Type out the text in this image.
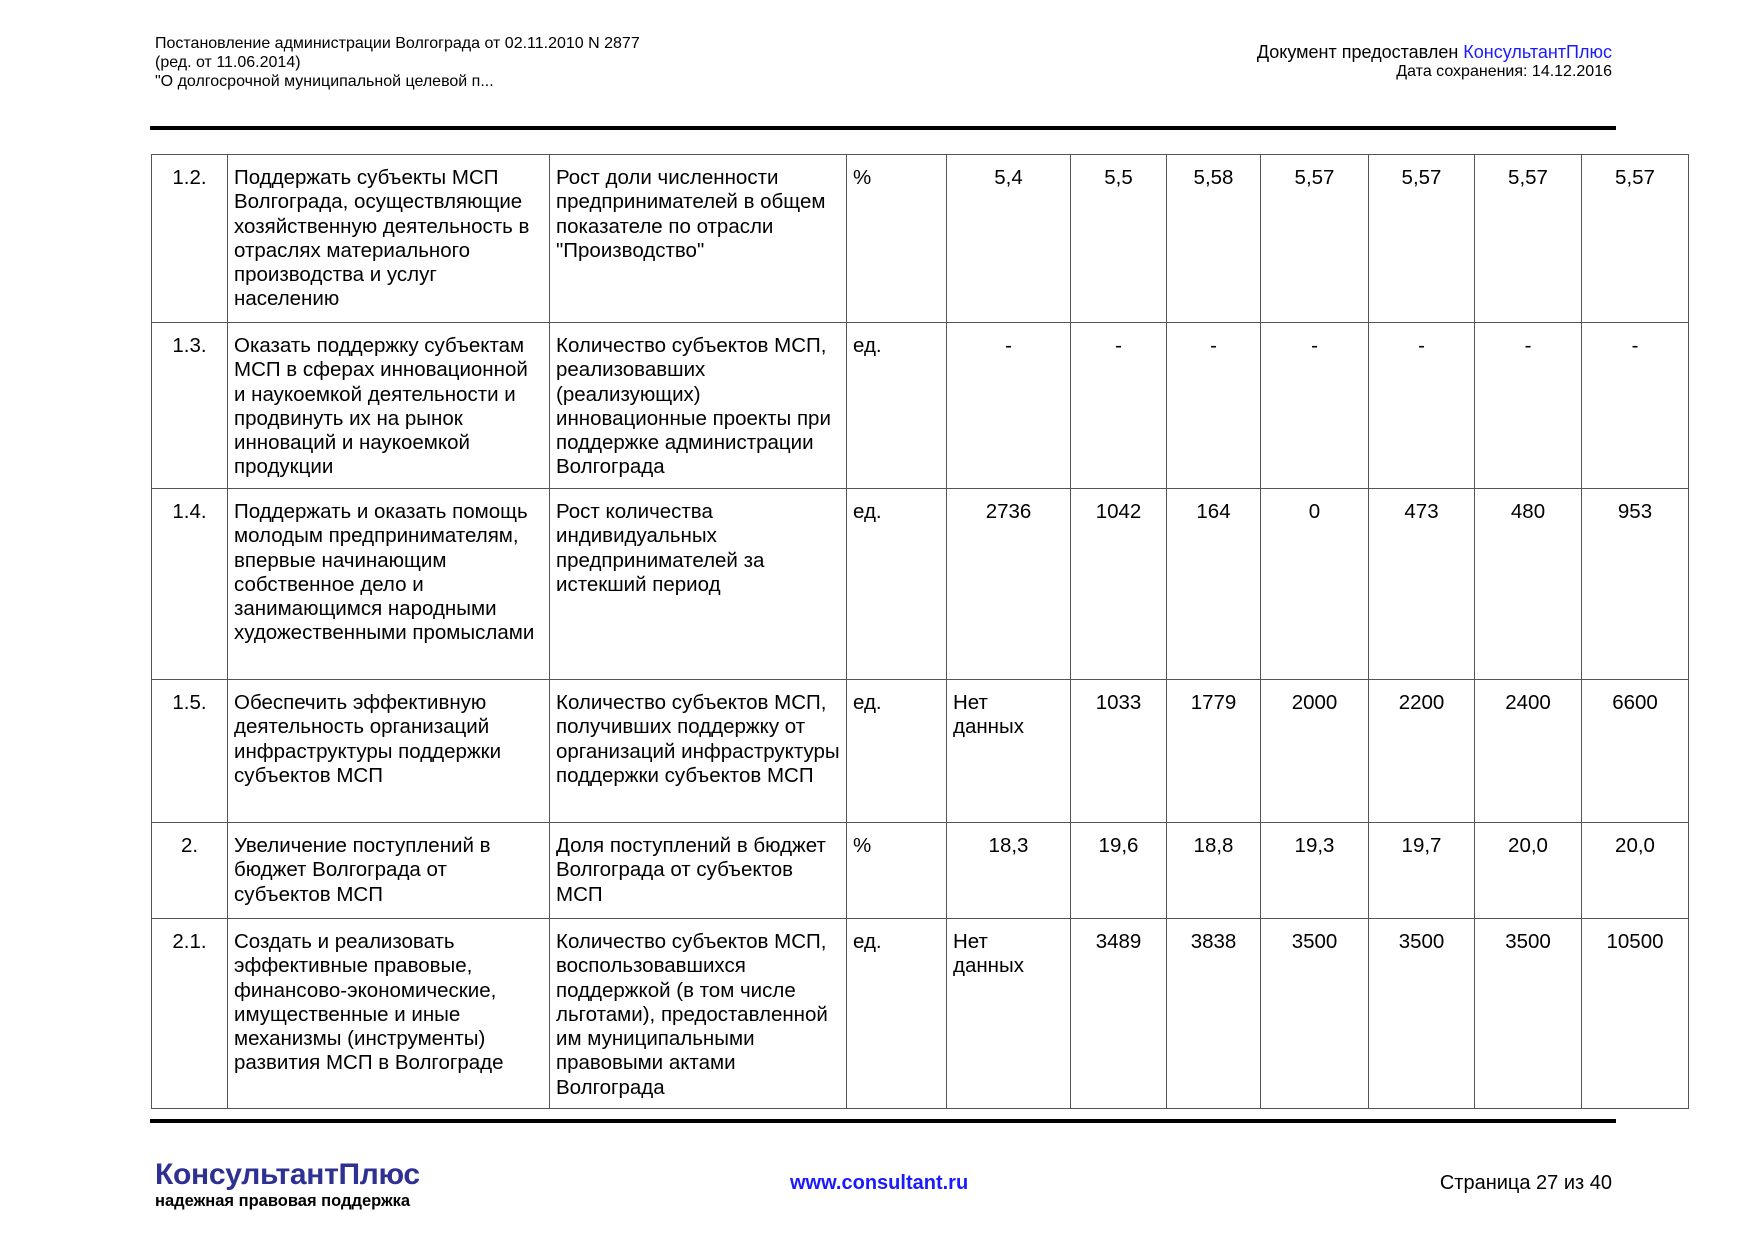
Постановление администрации Волгограда от 02.11.2010 N 2877
(ред. от 11.06.2014)
"О долгосрочной муниципальной целевой п...
Документ предоставлен КонсультантПлюс
Дата сохранения: 14.12.2016
1.2.	Поддержать субъекты МСП Волгограда, осуществляющие хозяйственную деятельность в отраслях материального производства и услуг населению	Рост доли численности предпринимателей в общем показателе по отрасли "Производство"	%	5,4	5,5	5,58	5,57	5,57	5,57	5,57
1.3.	Оказать поддержку субъектам МСП в сферах инновационной и наукоемкой деятельности и продвинуть их на рынок инноваций и наукоемкой продукции	Количество субъектов МСП, реализовавших (реализующих) инновационные проекты при поддержке администрации Волгограда	ед.	-	-	-	-	-	-	-
1.4.	Поддержать и оказать помощь молодым предпринимателям, впервые начинающим собственное дело и занимающимся народными художественными промыслами	Рост количества индивидуальных предпринимателей за истекший период	ед.	2736	1042	164	0	473	480	953
1.5.	Обеспечить эффективную деятельность организаций инфраструктуры поддержки субъектов МСП	Количество субъектов МСП, получивших поддержку от организаций инфраструктуры поддержки субъектов МСП	ед.	Нет данных	1033	1779	2000	2200	2400	6600
2.	Увеличение поступлений в бюджет Волгограда от субъектов МСП	Доля поступлений в бюджет Волгограда от субъектов МСП	%	18,3	19,6	18,8	19,3	19,7	20,0	20,0
2.1.	Создать и реализовать эффективные правовые, финансово-экономические, имущественные и иные механизмы (инструменты) развития МСП в Волгограде	Количество субъектов МСП, воспользовавшихся поддержкой (в том числе льготами), предоставленной им муниципальными правовыми актами Волгограда	ед.	Нет данных	3489	3838	3500	3500	3500	10500
КонсультантПлюс
надежная правовая поддержка
www.consultant.ru	Страница 27 из 40
